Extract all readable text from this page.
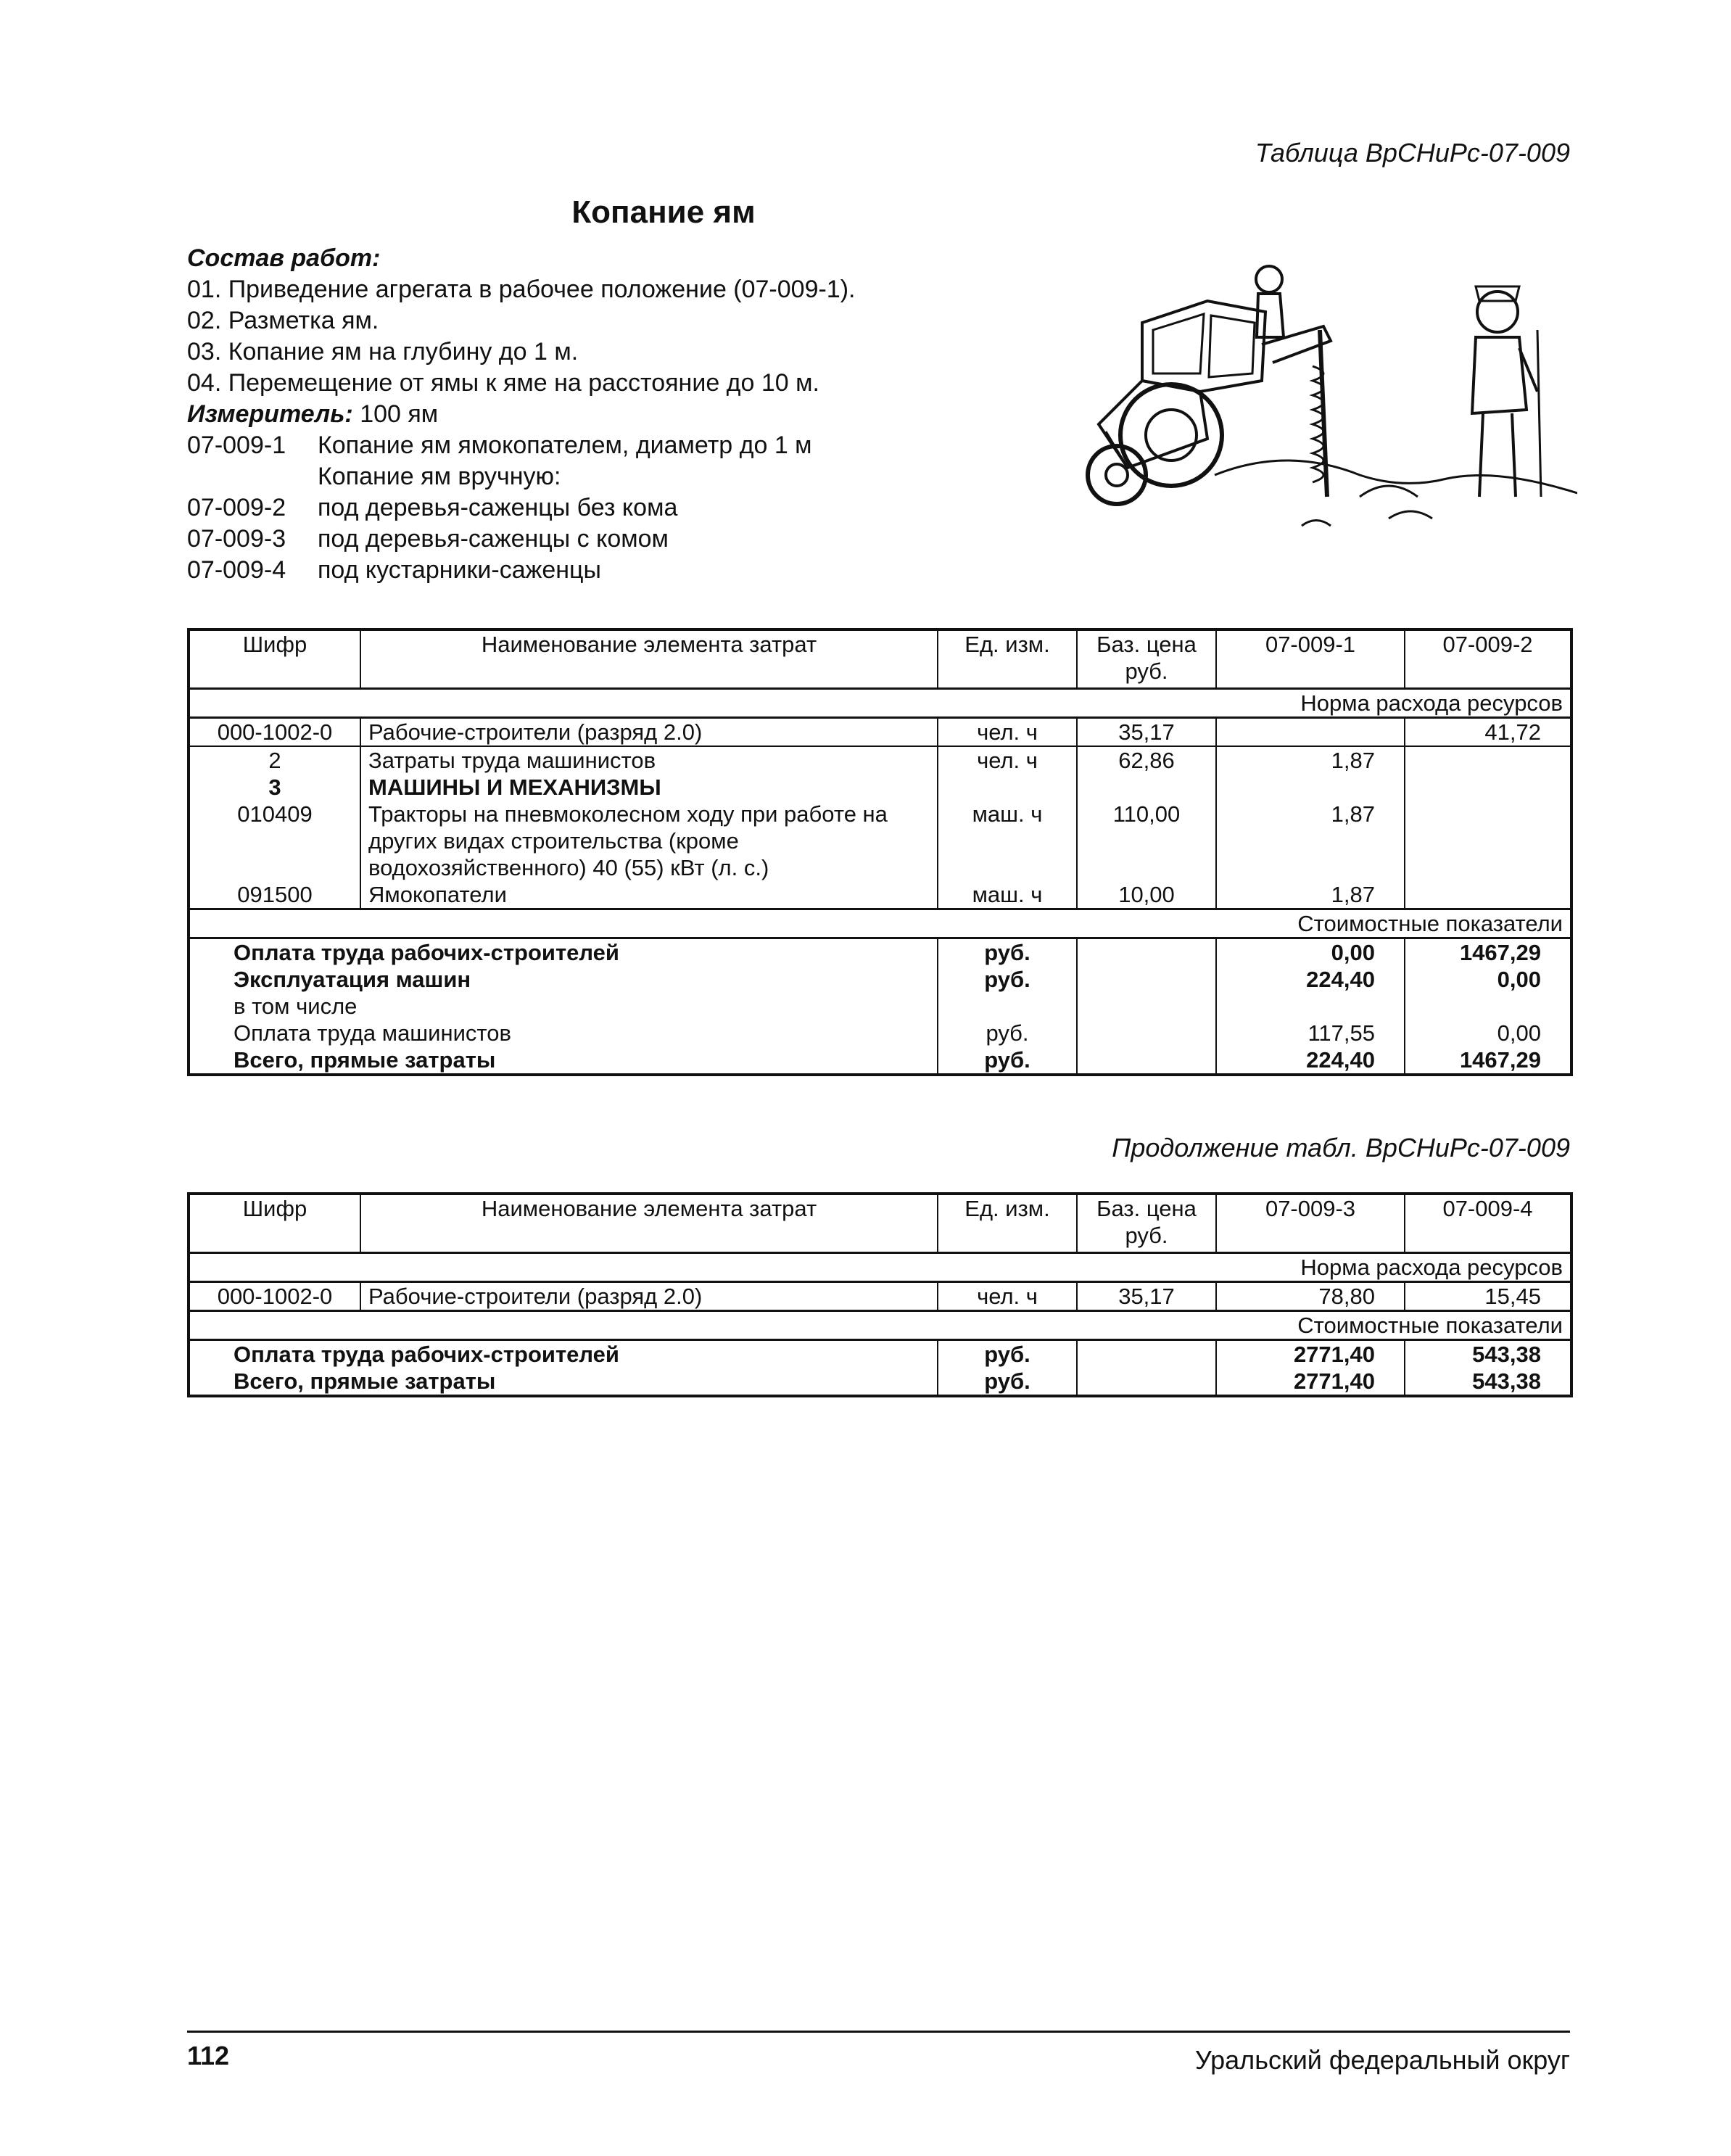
Таблица ВрСНиРс-07-009
Копание ям
Состав работ:
01. Приведение агрегата в рабочее положение (07-009-1).
02. Разметка ям.
03. Копание ям на глубину до 1 м.
04. Перемещение от ямы к яме на расстояние до 10 м.
Измеритель: 100 ям
07-009-1 Копание ям ямокопателем, диаметр до 1 м
Копание ям вручную:
07-009-2 под деревья-саженцы без кома
07-009-3 под деревья-саженцы с комом
07-009-4 под кустарники-саженцы
Шифр	Наименование элемента затрат	Ед. изм.	Баз. цена руб.	07-009-1	07-009-2
Норма расхода ресурсов					
000-1002-0	Рабочие-строители (разряд 2.0)	чел. ч	35,17		41,72
2	Затраты труда машинистов	чел. ч	62,86	1,87	
3	МАШИНЫ И МЕХАНИЗМЫ				
010409	Тракторы на пневмоколесном ходу при работе на других видах строительства (кроме водохозяйственного) 40 (55) кВт (л. с.)	маш. ч	110,00	1,87	
091500	Ямокопатели	маш. ч	10,00	1,87	
Стоимостные показатели					
Оплата труда рабочих-строителей		руб.		0,00	1467,29
Эксплуатация машин		руб.		224,40	0,00
в том числе					
Оплата труда машинистов		руб.		117,55	0,00
Всего, прямые затраты		руб.		224,40	1467,29
Продолжение табл. ВрСНиРс-07-009
Шифр	Наименование элемента затрат	Ед. изм.	Баз. цена руб.	07-009-3	07-009-4
Норма расхода ресурсов					
000-1002-0	Рабочие-строители (разряд 2.0)	чел. ч	35,17	78,80	15,45
Стоимостные показатели					
Оплата труда рабочих-строителей		руб.		2771,40	543,38
Всего, прямые затраты		руб.		2771,40	543,38
112	Уральский федеральный округ
